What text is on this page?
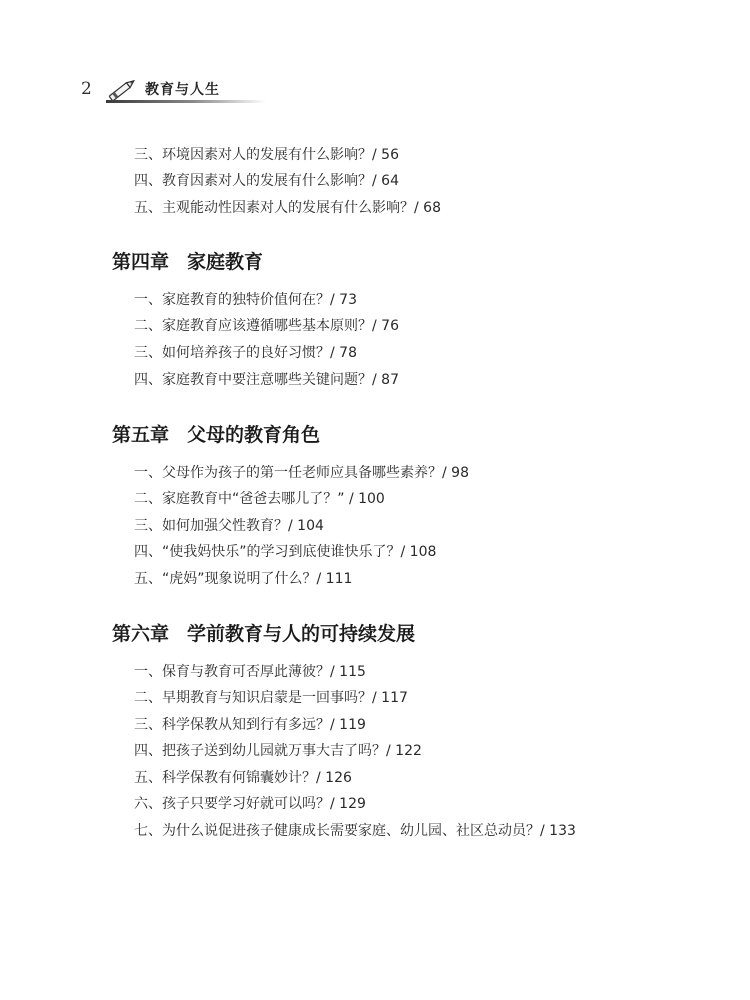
2	教育与人生
三、环境因素对人的发展有什么影响？/ 56
四、教育因素对人的发展有什么影响？/ 64
五、主观能动性因素对人的发展有什么影响？/ 68
第四章 家庭教育
一、家庭教育的独特价值何在？/ 73
二、家庭教育应该遵循哪些基本原则？/ 76
三、如何培养孩子的良好习惯？/ 78
四、家庭教育中要注意哪些关键问题？/ 87
第五章 父母的教育角色
一、父母作为孩子的第一任老师应具备哪些素养？/ 98
二、家庭教育中“爸爸去哪儿了？” / 100
三、如何加强父性教育？/ 104
四、“使我妈快乐”的学习到底使谁快乐了？/ 108
五、“虎妈”现象说明了什么？/ 111
第六章 学前教育与人的可持续发展
一、保育与教育可否厚此薄彼？/ 115
二、早期教育与知识启蒙是一回事吗？/ 117
三、科学保教从知到行有多远？/ 119
四、把孩子送到幼儿园就万事大吉了吗？/ 122
五、科学保教有何锦囊妙计？/ 126
六、孩子只要学习好就可以吗？/ 129
七、为什么说促进孩子健康成长需要家庭、幼儿园、社区总动员？/ 133
